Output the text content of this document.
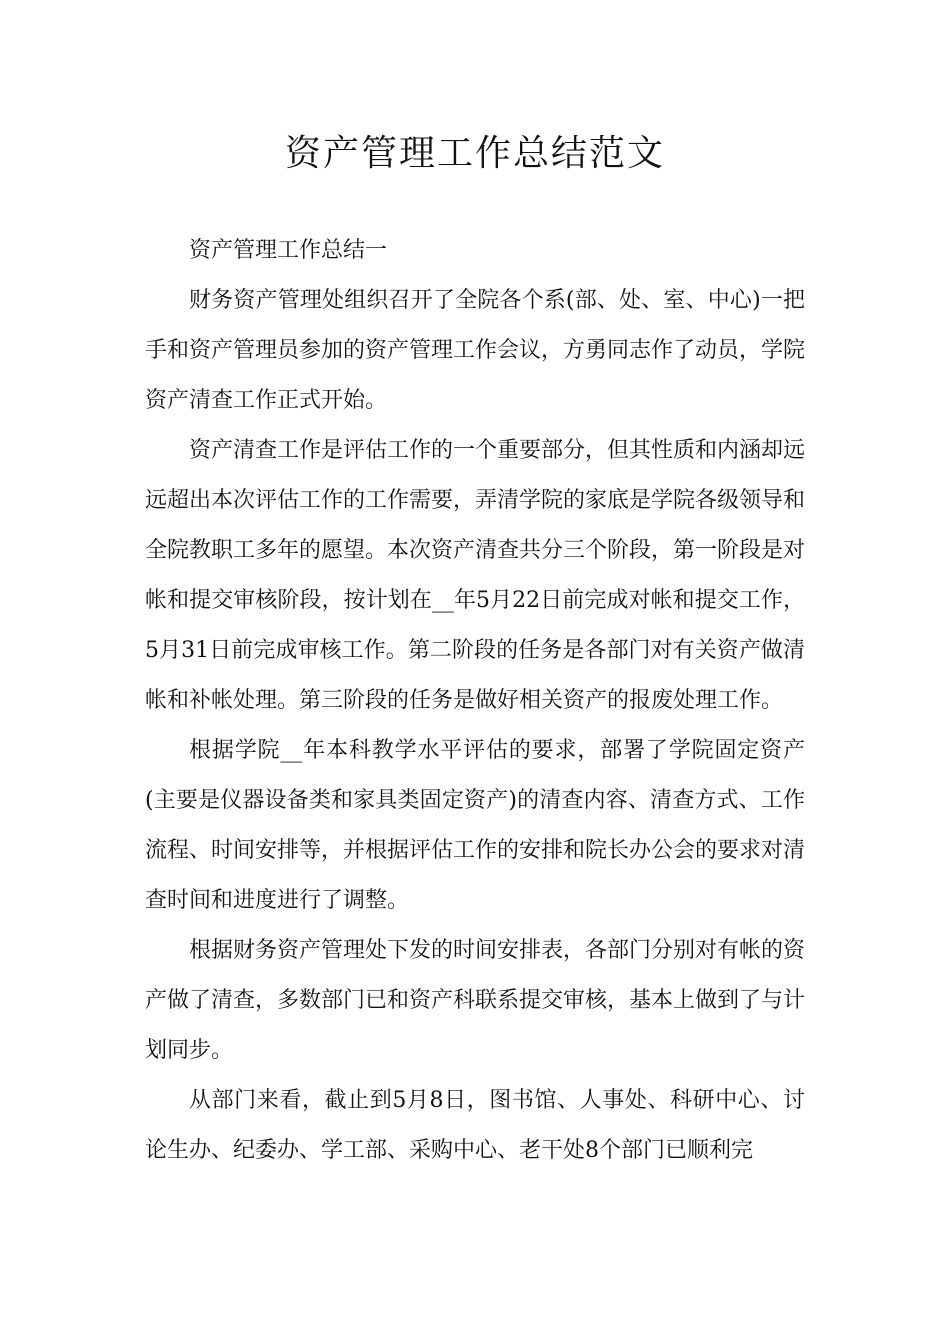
资产管理工作总结范文

资产管理工作总结一

财务资产管理处组织召开了全院各个系(部、处、室、中心)一把手和资产管理员参加的资产管理工作会议，方勇同志作了动员，学院资产清查工作正式开始。

资产清查工作是评估工作的一个重要部分，但其性质和内涵却远远超出本次评估工作的工作需要，弄清学院的家底是学院各级领导和全院教职工多年的愿望。本次资产清查共分三个阶段，第一阶段是对帐和提交审核阶段，按计划在__年5月22日前完成对帐和提交工作，5月31日前完成审核工作。第二阶段的任务是各部门对有关资产做清帐和补帐处理。第三阶段的任务是做好相关资产的报废处理工作。

根据学院__年本科教学水平评估的要求，部署了学院固定资产(主要是仪器设备类和家具类固定资产)的清查内容、清查方式、工作流程、时间安排等，并根据评估工作的安排和院长办公会的要求对清查时间和进度进行了调整。

根据财务资产管理处下发的时间安排表，各部门分别对有帐的资产做了清查，多数部门已和资产科联系提交审核，基本上做到了与计划同步。

从部门来看，截止到5月8日，图书馆、人事处、科研中心、讨论生办、纪委办、学工部、采购中心、老干处8个部门已顺利完
